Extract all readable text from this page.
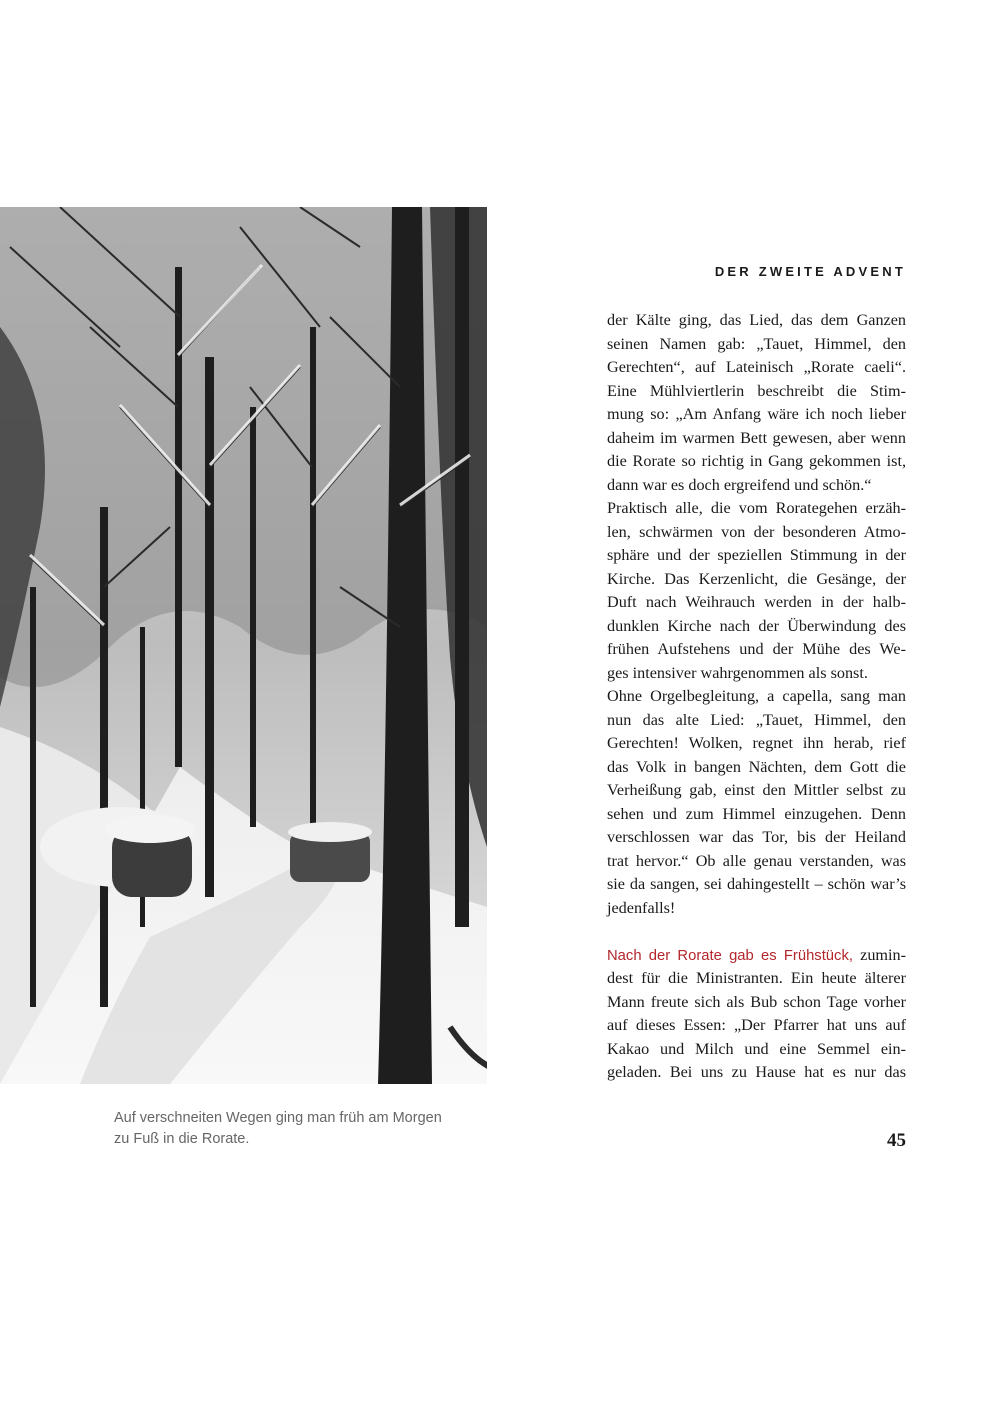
Auf verschneiten Wegen ging man früh am Morgen
zu Fuß in die Rorate.
DER ZWEITE ADVENT
der Kälte ging, das Lied, das dem Ganzen
seinen Namen gab: „Tauet, Himmel, den
Gerechten“, auf Lateinisch „Rorate caeli“.
Eine Mühlviertlerin beschreibt die Stim-
mung so: „Am Anfang wäre ich noch lieber
daheim im warmen Bett gewesen, aber wenn
die Rorate so richtig in Gang gekommen ist,
dann war es doch ergreifend und schön.“
Praktisch alle, die vom Rorategehen erzäh-
len, schwärmen von der besonderen Atmo-
sphäre und der speziellen Stimmung in der
Kirche. Das Kerzenlicht, die Gesänge, der
Duft nach Weihrauch werden in der halb-
dunklen Kirche nach der Überwindung des
frühen Aufstehens und der Mühe des We-
ges intensiver wahrgenommen als sonst.
Ohne Orgelbegleitung, a capella, sang man
nun das alte Lied: „Tauet, Himmel, den
Gerechten! Wolken, regnet ihn herab, rief
das Volk in bangen Nächten, dem Gott die
Verheißung gab, einst den Mittler selbst zu
sehen und zum Himmel einzugehen. Denn
verschlossen war das Tor, bis der Heiland
trat hervor.“ Ob alle genau verstanden, was
sie da sangen, sei dahingestellt – schön war’s
jedenfalls!
Nach der Rorate gab es Frühstück, zumin-
dest für die Ministranten. Ein heute älterer
Mann freute sich als Bub schon Tage vorher
auf dieses Essen: „Der Pfarrer hat uns auf
Kakao und Milch und eine Semmel ein-
geladen. Bei uns zu Hause hat es nur das
45
